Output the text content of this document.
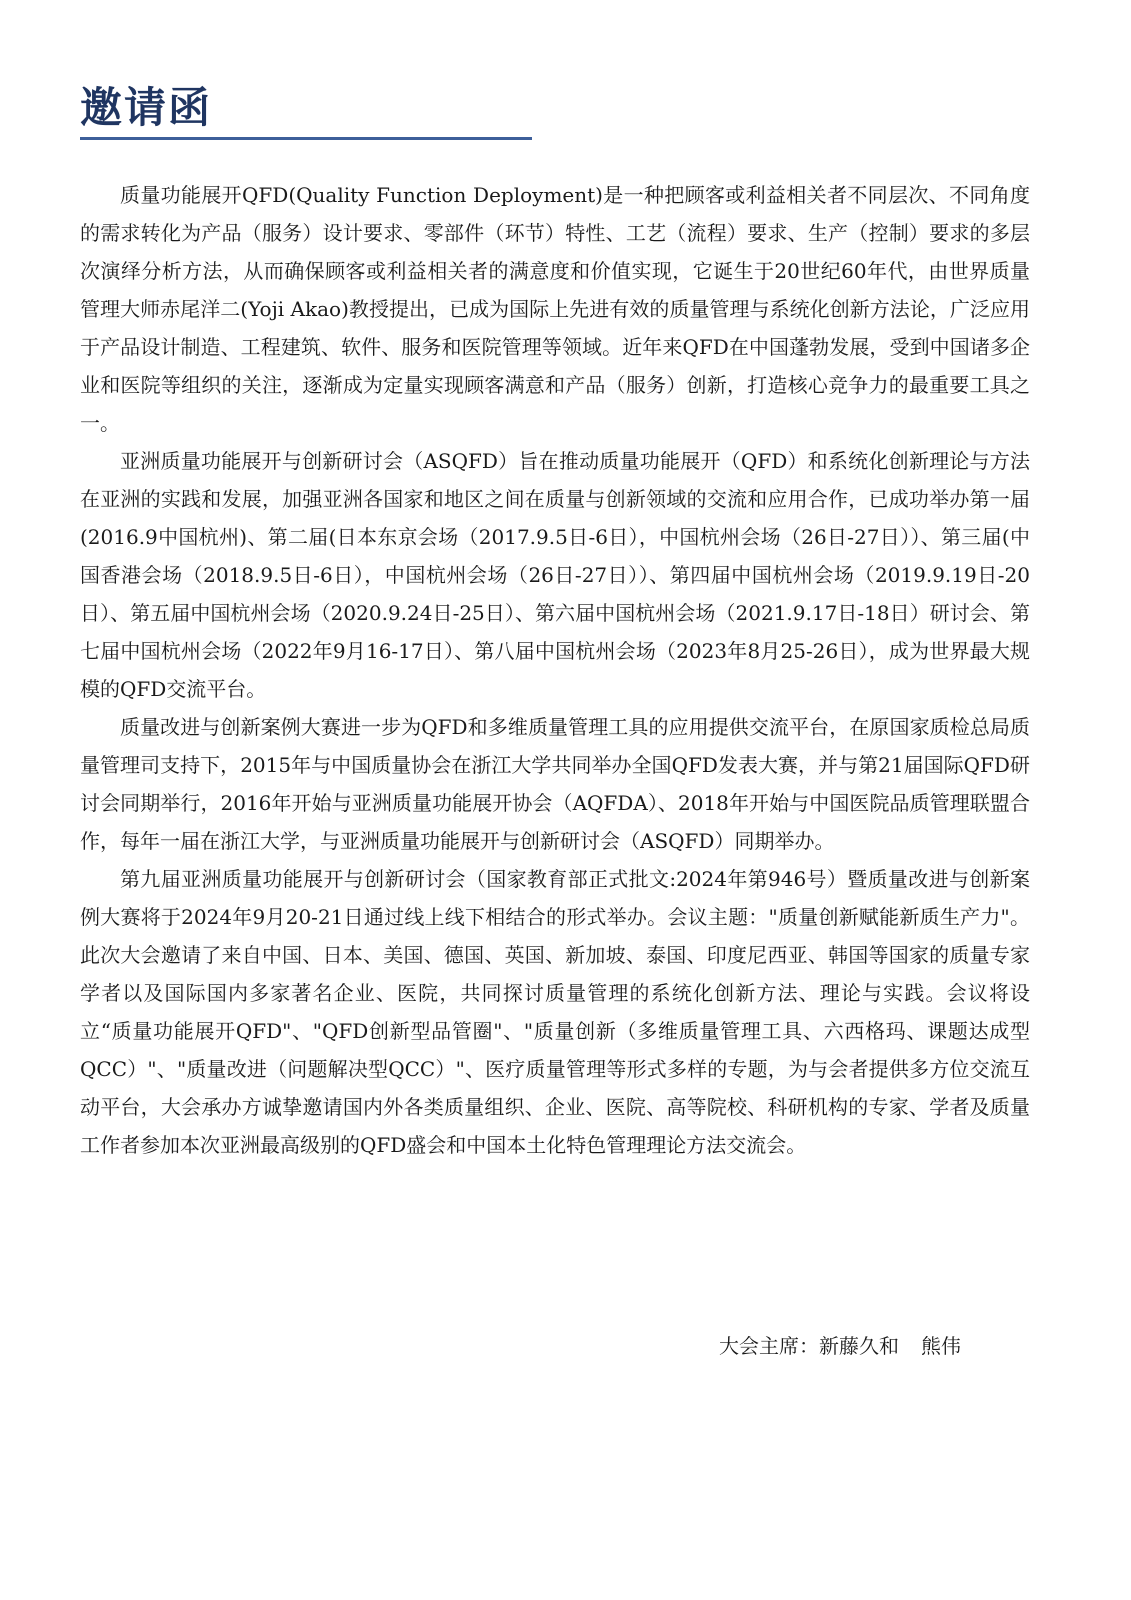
邀请函

质量功能展开QFD(Quality Function Deployment)是一种把顾客或利益相关者不同层次、不同角度的需求转化为产品（服务）设计要求、零部件（环节）特性、工艺（流程）要求、生产（控制）要求的多层次演绎分析方法，从而确保顾客或利益相关者的满意度和价值实现，它诞生于20世纪60年代，由世界质量管理大师赤尾洋二(Yoji Akao)教授提出，已成为国际上先进有效的质量管理与系统化创新方法论，广泛应用于产品设计制造、工程建筑、软件、服务和医院管理等领域。近年来QFD在中国蓬勃发展，受到中国诸多企业和医院等组织的关注，逐渐成为定量实现顾客满意和产品（服务）创新，打造核心竞争力的最重要工具之一。

亚洲质量功能展开与创新研讨会（ASQFD）旨在推动质量功能展开（QFD）和系统化创新理论与方法在亚洲的实践和发展，加强亚洲各国家和地区之间在质量与创新领域的交流和应用合作，已成功举办第一届(2016.9中国杭州)、第二届(日本东京会场（2017.9.5日-6日），中国杭州会场（26日-27日））、第三届(中国香港会场（2018.9.5日-6日），中国杭州会场（26日-27日））、第四届中国杭州会场（2019.9.19日-20日）、第五届中国杭州会场（2020.9.24日-25日）、第六届中国杭州会场（2021.9.17日-18日）研讨会、第七届中国杭州会场（2022年9月16-17日）、第八届中国杭州会场（2023年8月25-26日），成为世界最大规模的QFD交流平台。

质量改进与创新案例大赛进一步为QFD和多维质量管理工具的应用提供交流平台，在原国家质检总局质量管理司支持下，2015年与中国质量协会在浙江大学共同举办全国QFD发表大赛，并与第21届国际QFD研讨会同期举行，2016年开始与亚洲质量功能展开协会（AQFDA）、2018年开始与中国医院品质管理联盟合作，每年一届在浙江大学，与亚洲质量功能展开与创新研讨会（ASQFD）同期举办。

第九届亚洲质量功能展开与创新研讨会（国家教育部正式批文:2024年第946号）暨质量改进与创新案例大赛将于2024年9月20-21日通过线上线下相结合的形式举办。会议主题："质量创新赋能新质生产力"。此次大会邀请了来自中国、日本、美国、德国、英国、新加坡、泰国、印度尼西亚、韩国等国家的质量专家学者以及国际国内多家著名企业、医院，共同探讨质量管理的系统化创新方法、理论与实践。会议将设立“质量功能展开QFD"、"QFD创新型品管圈"、"质量创新（多维质量管理工具、六西格玛、课题达成型QCC）"、"质量改进（问题解决型QCC）"、医疗质量管理等形式多样的专题，为与会者提供多方位交流互动平台，大会承办方诚挚邀请国内外各类质量组织、企业、医院、高等院校、科研机构的专家、学者及质量工作者参加本次亚洲最高级别的QFD盛会和中国本土化特色管理理论方法交流会。

大会主席：新藤久和 熊伟
